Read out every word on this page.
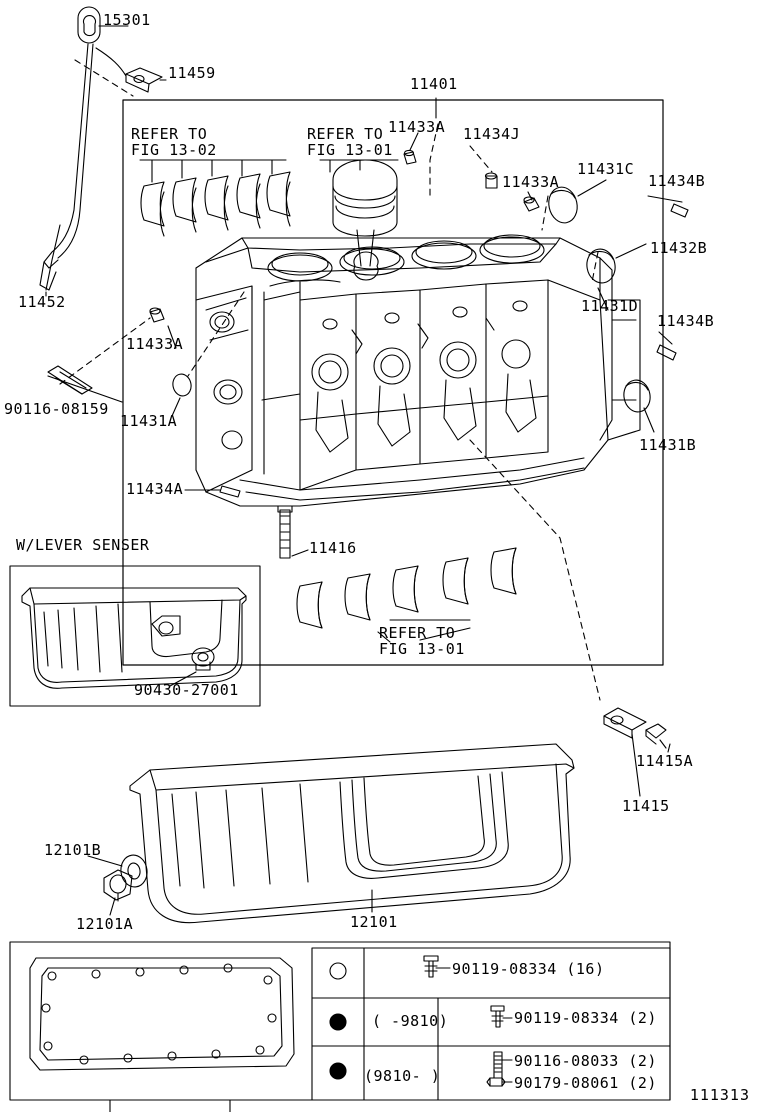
15301
11459
11401
REFER TO
FIG 13-02
REFER TO
FIG 13-01
11433A 11434J
11433A
11431C
11434B
11432B
11431D
11434B
11431B
11452
11433A
90116-08159
11431A
11434A
11416
REFER TO
FIG 13-01
W/LEVER SENSER
90430-27001
11415A
11415
12101B
12101A	12101
90119-08334 (16)
( -9810)	90119-08334 (2)
(9810- )
90116-08033 (2)
90179-08061 (2)
111313
